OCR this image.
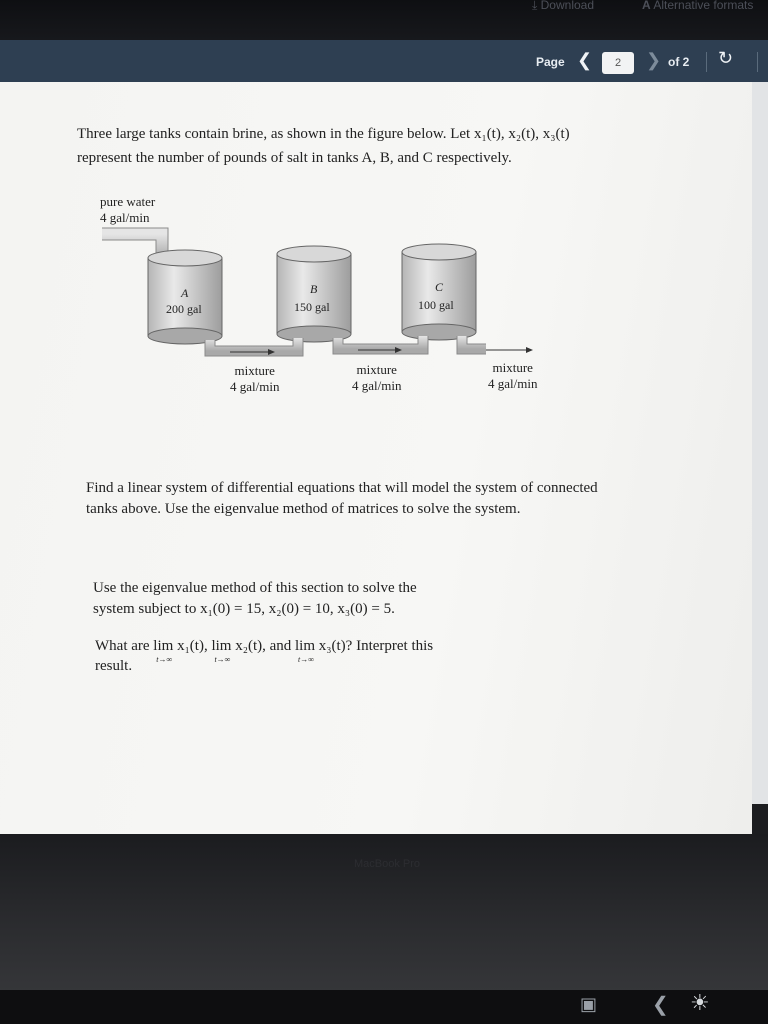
⤓ Download	A Alternative formats
Page ❮
2	❯ of 2 ↻
Three large tanks contain brine, as shown in the figure below. Let x₁(t), x₂(t), x₃(t)
represent the number of pounds of salt in tanks A, B, and C respectively.
pure water
4 gal/min
A
200 gal
B
150 gal
C
100 gal
mixture
4 gal/min
mixture
4 gal/min
mixture
4 gal/min
Find a linear system of differential equations that will model the system of connected tanks above. Use the eigenvalue method of matrices to solve the system.
Use the eigenvalue method of this section to solve the
system subject to x₁(0) = 15, x₂(0) = 10, x₃(0) = 5.
What are lim
t→∞
x₁(t), lim
t→∞
x₂(t), and lim
t→∞
x₃(t)? Interpret this
result.
MacBook Pro
▣	❮ ☀
